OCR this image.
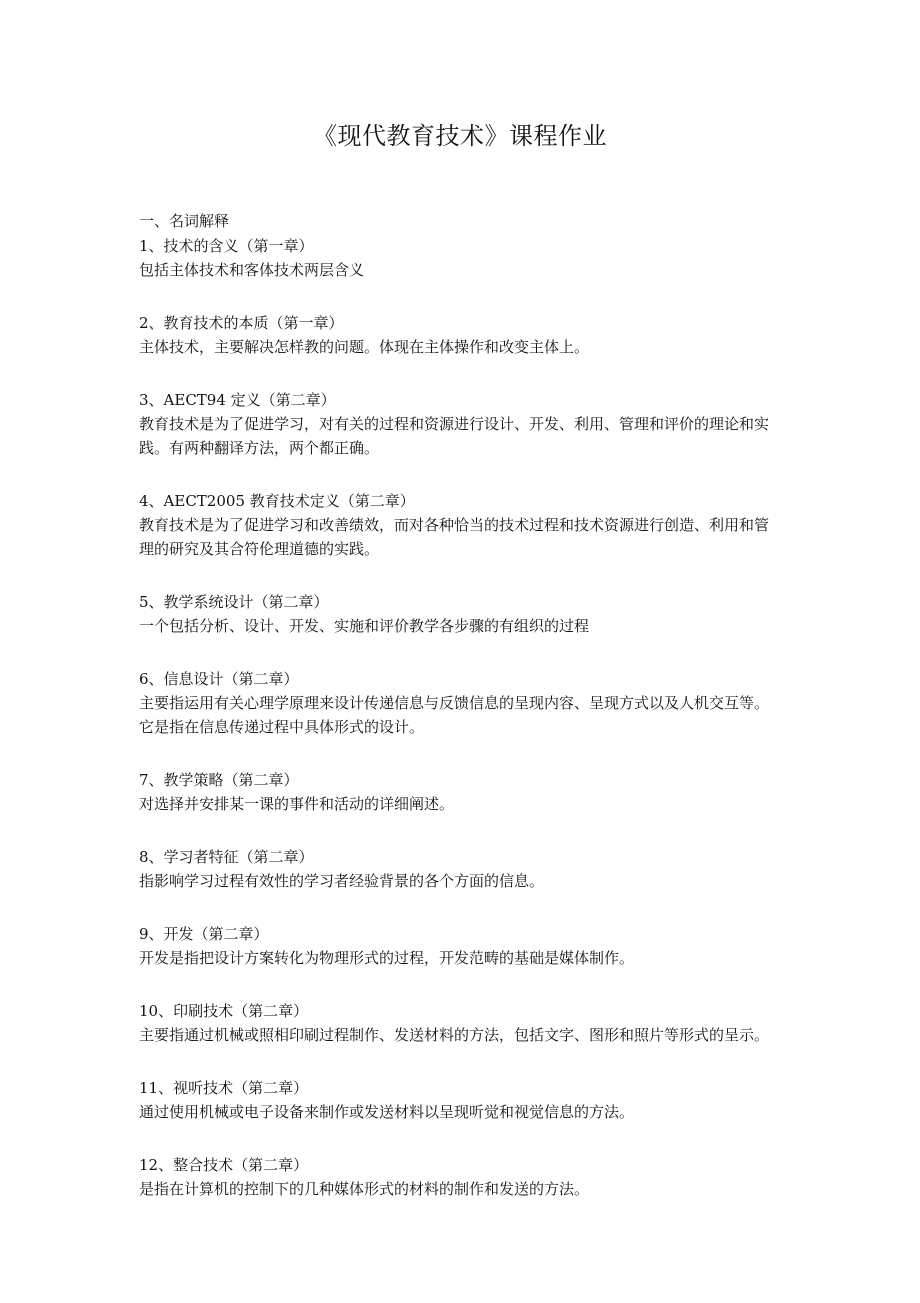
《现代教育技术》课程作业
一、名词解释
1、技术的含义（第一章）
包括主体技术和客体技术两层含义
2、教育技术的本质（第一章）
主体技术，主要解决怎样教的问题。体现在主体操作和改变主体上。
3、AECT94 定义（第二章）
教育技术是为了促进学习，对有关的过程和资源进行设计、开发、利用、管理和评价的理论和实践。有两种翻译方法，两个都正确。
4、AECT2005 教育技术定义（第二章）
教育技术是为了促进学习和改善绩效，而对各种恰当的技术过程和技术资源进行创造、利用和管理的研究及其合符伦理道德的实践。
5、教学系统设计（第二章）
一个包括分析、设计、开发、实施和评价教学各步骤的有组织的过程
6、信息设计（第二章）
主要指运用有关心理学原理来设计传递信息与反馈信息的呈现内容、呈现方式以及人机交互等。它是指在信息传递过程中具体形式的设计。
7、教学策略（第二章）
对选择并安排某一课的事件和活动的详细阐述。
8、学习者特征（第二章）
指影响学习过程有效性的学习者经验背景的各个方面的信息。
9、开发（第二章）
开发是指把设计方案转化为物理形式的过程，开发范畴的基础是媒体制作。
10、印刷技术（第二章）
主要指通过机械或照相印刷过程制作、发送材料的方法，包括文字、图形和照片等形式的呈示。
11、视听技术（第二章）
通过使用机械或电子设备来制作或发送材料以呈现听觉和视觉信息的方法。
12、整合技术（第二章）
是指在计算机的控制下的几种媒体形式的材料的制作和发送的方法。
